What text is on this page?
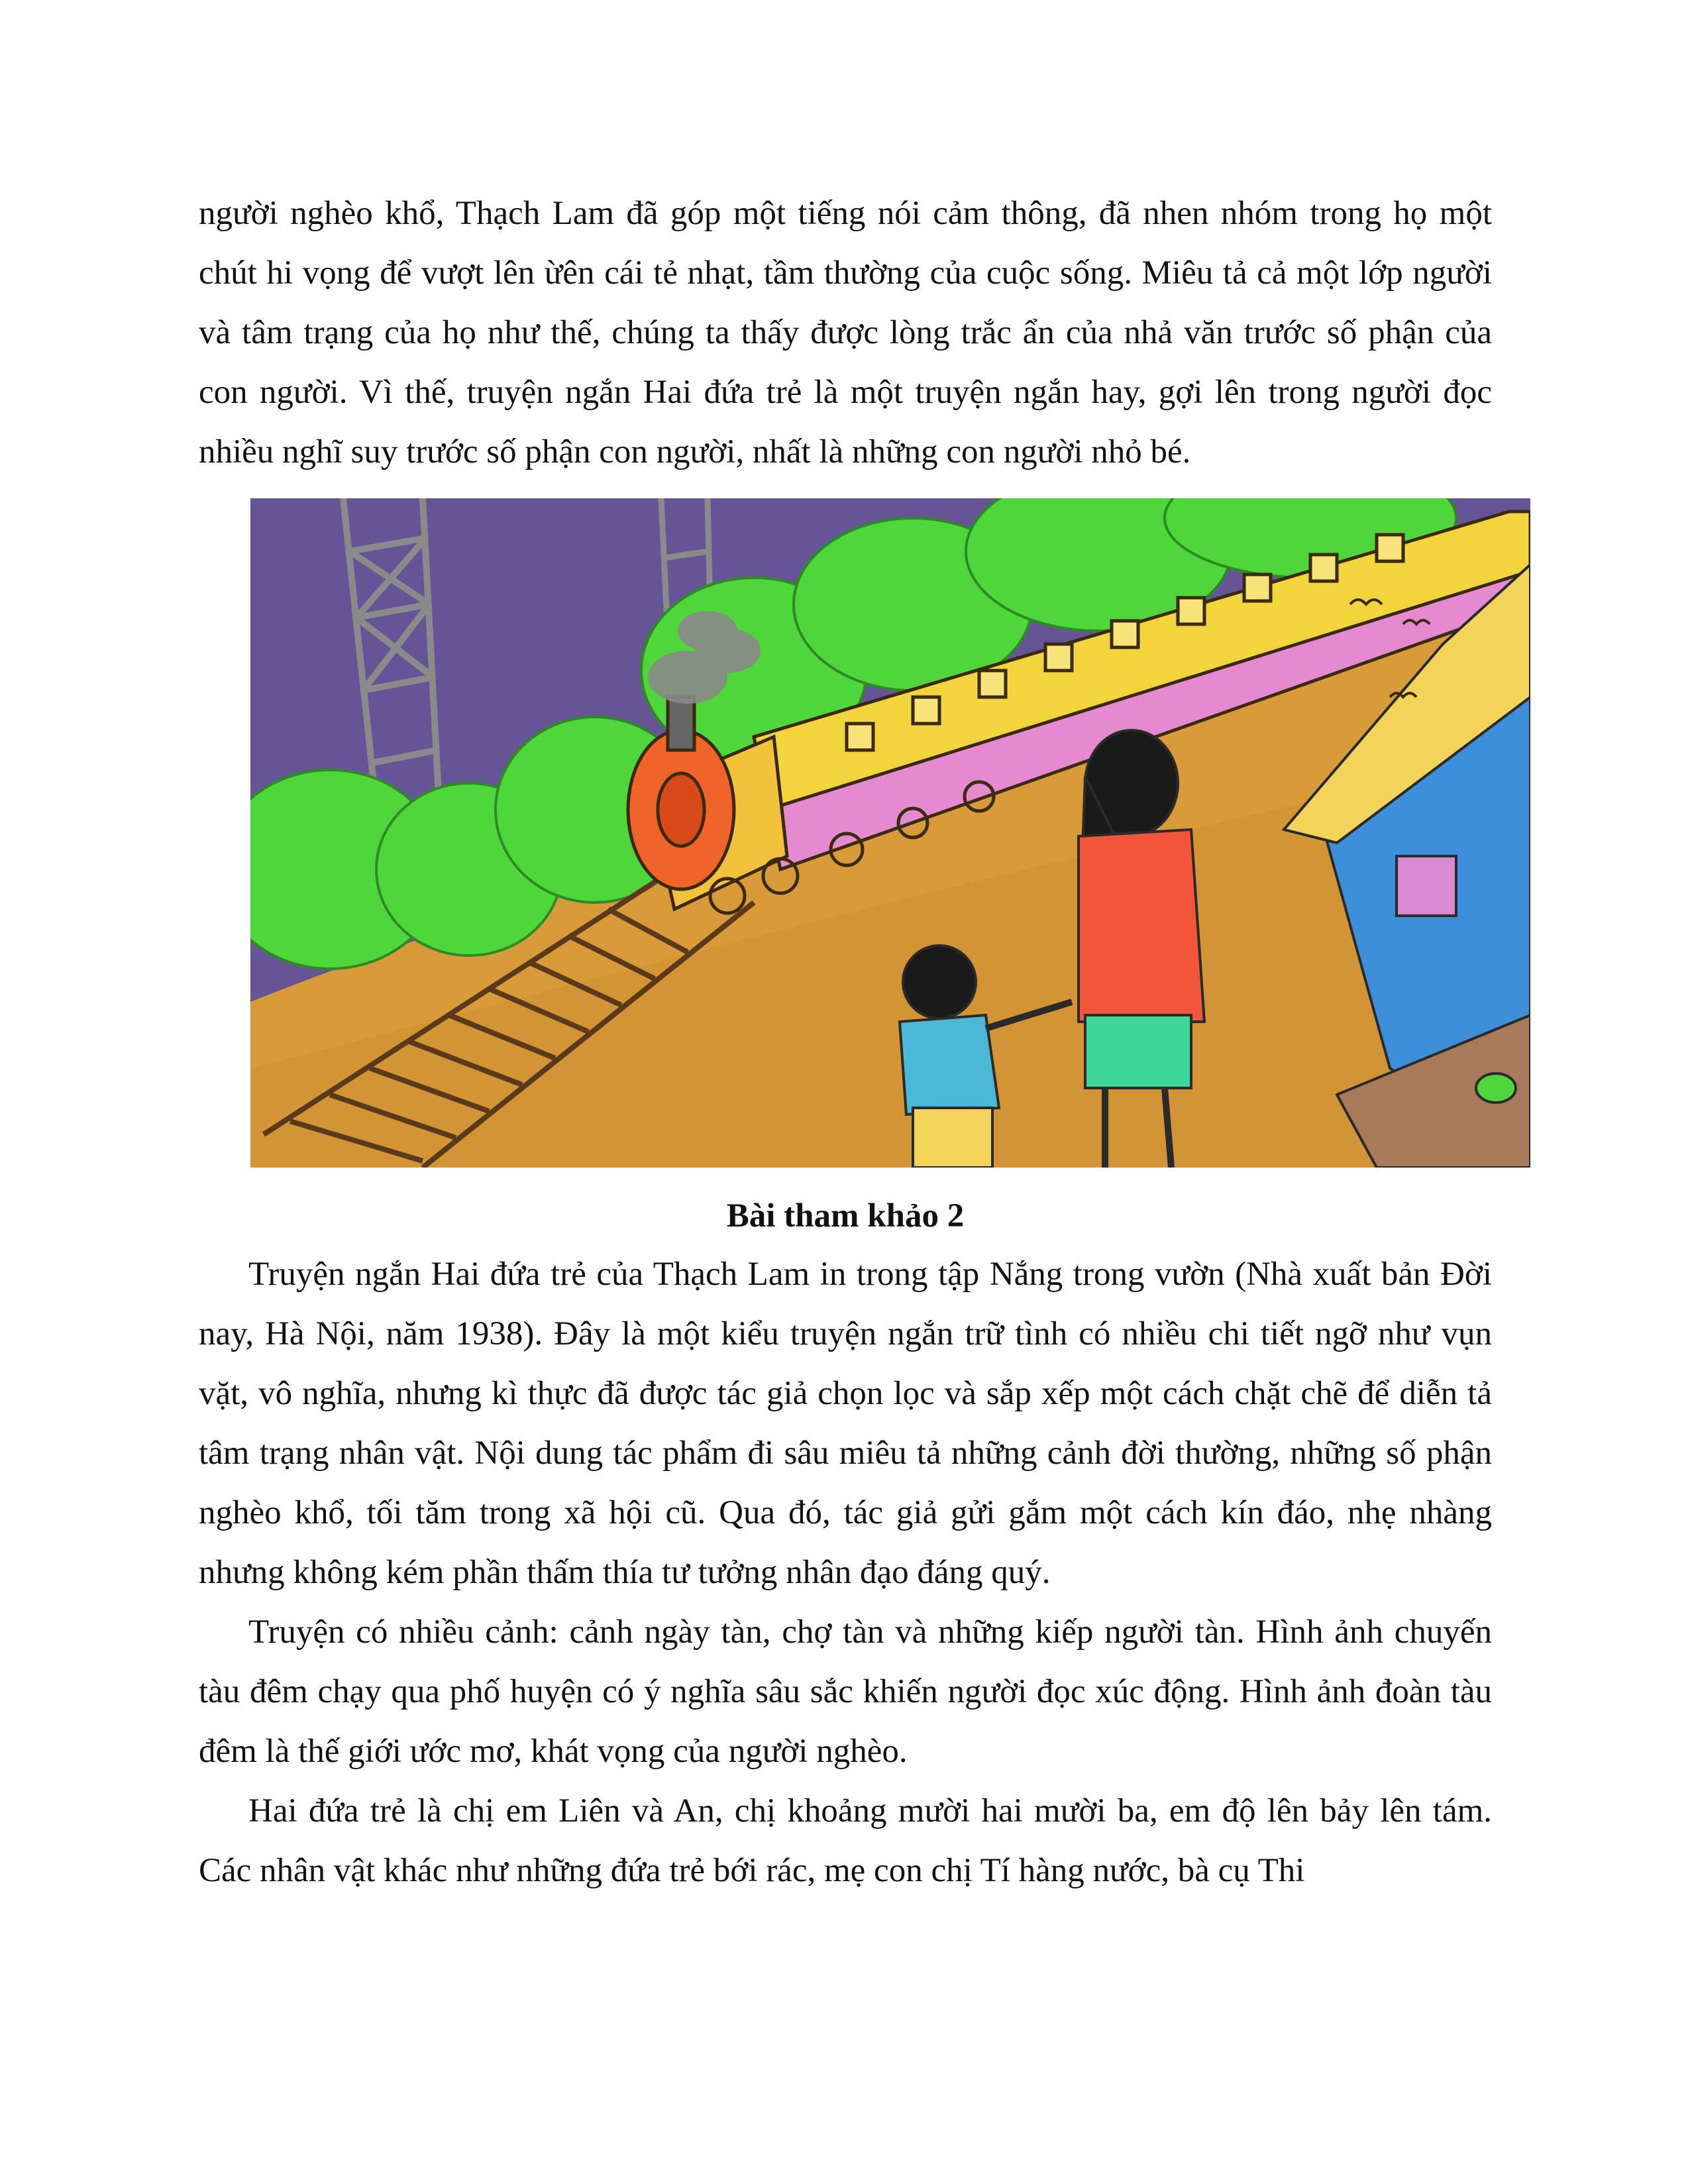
người nghèo khổ, Thạch Lam đã góp một tiếng nói cảm thông, đã nhen nhóm trong họ một chút hi vọng để vượt lên ừên cái tẻ nhạt, tầm thường của cuộc sống. Miêu tả cả một lớp người và tâm trạng của họ như thế, chúng ta thấy được lòng trắc ẩn của nhả văn trước số phận của con người. Vì thế, truyện ngắn Hai đứa trẻ là một truyện ngắn hay, gợi lên trong người đọc nhiều nghĩ suy trước số phận con người, nhất là những con người nhỏ bé.

Bài tham khảo 2

Truyện ngắn Hai đứa trẻ của Thạch Lam in trong tập Nắng trong vườn (Nhà xuất bản Đời nay, Hà Nội, năm 1938). Đây là một kiểu truyện ngắn trữ tình có nhiều chi tiết ngỡ như vụn vặt, vô nghĩa, nhưng kì thực đã được tác giả chọn lọc và sắp xếp một cách chặt chẽ để diễn tả tâm trạng nhân vật. Nội dung tác phẩm đi sâu miêu tả những cảnh đời thường, những số phận nghèo khổ, tối tăm trong xã hội cũ. Qua đó, tác giả gửi gắm một cách kín đáo, nhẹ nhàng nhưng không kém phần thấm thía tư tưởng nhân đạo đáng quý.

Truyện có nhiều cảnh: cảnh ngày tàn, chợ tàn và những kiếp người tàn. Hình ảnh chuyến tàu đêm chạy qua phố huyện có ý nghĩa sâu sắc khiến người đọc xúc động. Hình ảnh đoàn tàu đêm là thế giới ước mơ, khát vọng của người nghèo.

Hai đứa trẻ là chị em Liên và An, chị khoảng mười hai mười ba, em độ lên bảy lên tám. Các nhân vật khác như những đứa trẻ bới rác, mẹ con chị Tí hàng nước, bà cụ Thi
